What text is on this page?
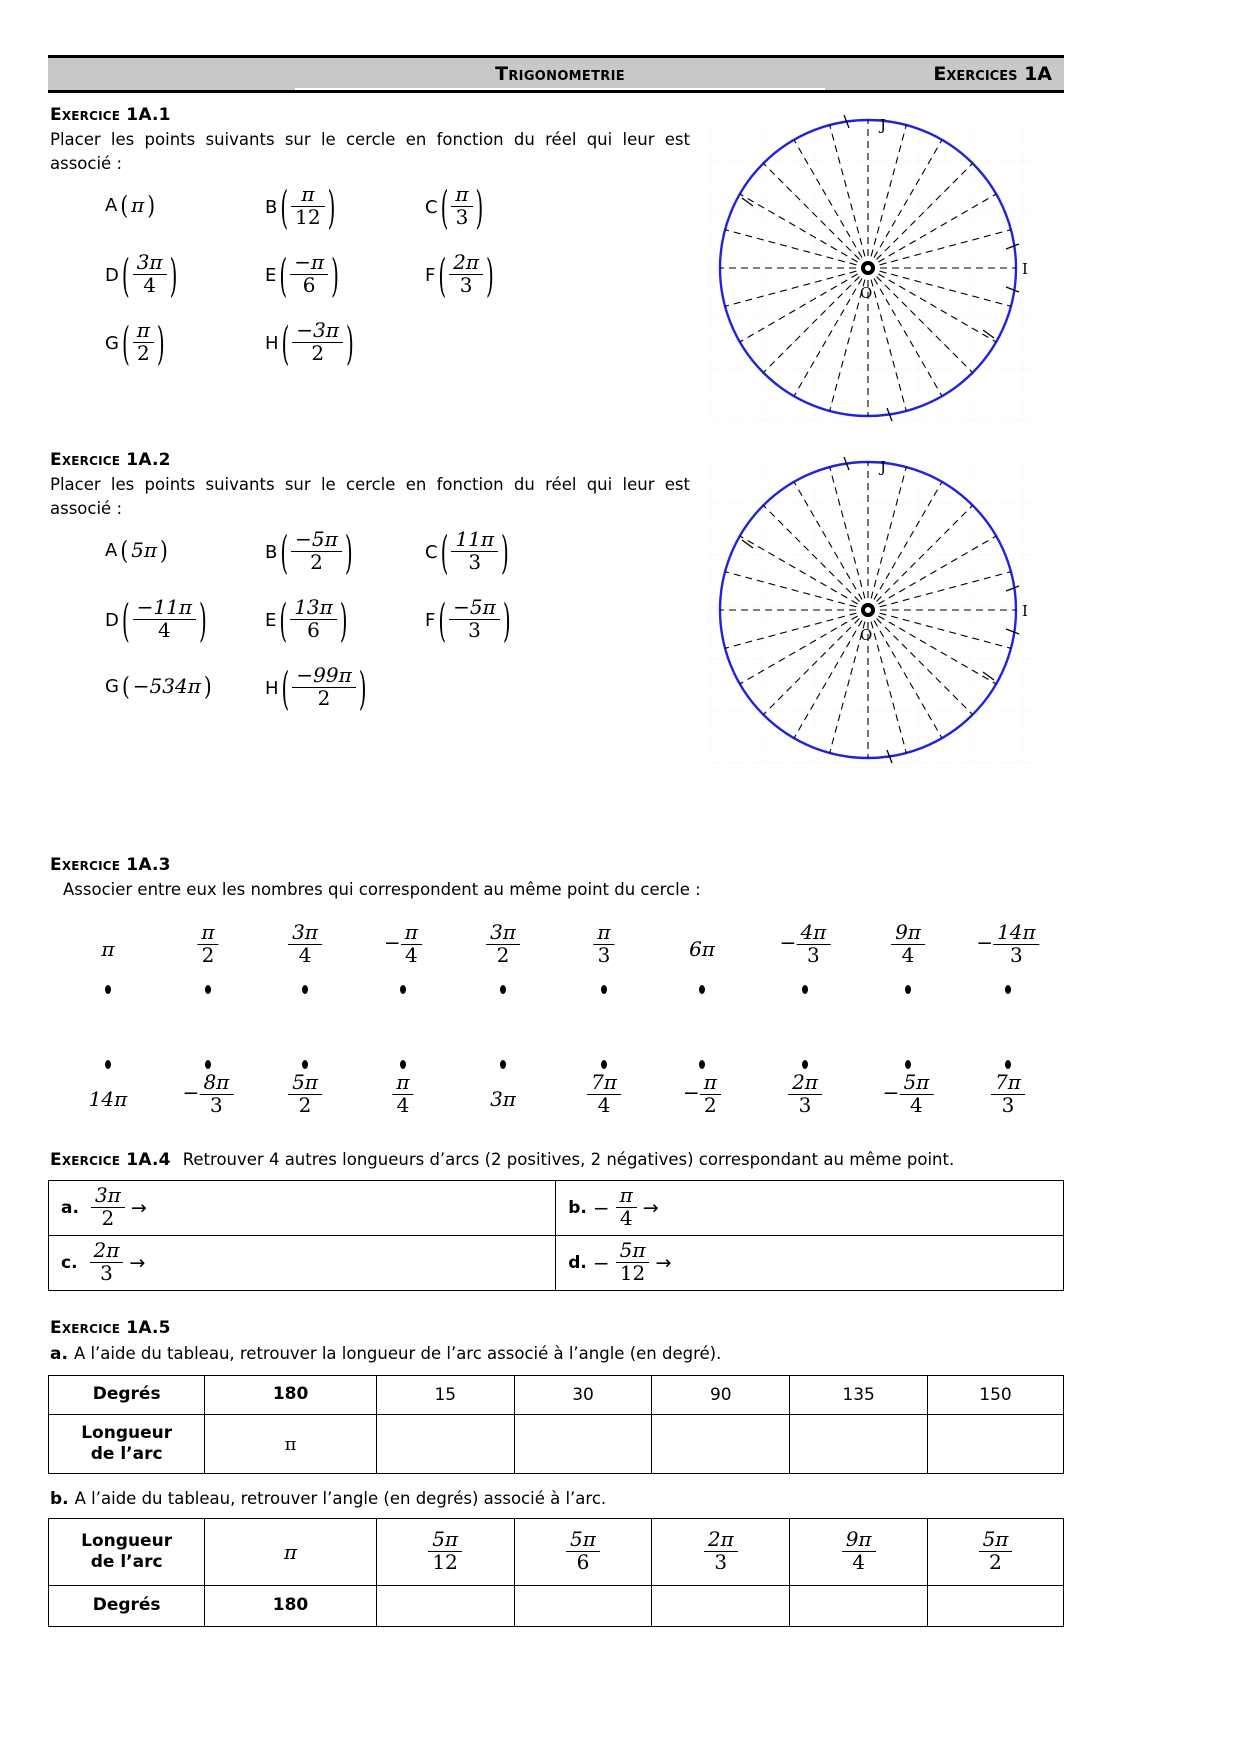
Trigonometrie	Exercices 1A
Exercice 1A.1
Placer les points suivants sur le cercle en fonction du réel qui leur est associé :
A ( π )	B ( $\frac{\pi}{12}$ )	C ( $\frac{\pi}{3}$ )
D ( $\frac{3\pi}{4}$ )	E ( $\frac{-\pi}{6}$ )	F ( $\frac{2\pi}{3}$ )
G ( $\frac{\pi}{2}$ )	H ( $\frac{-3\pi}{2}$ )
J
I
O
Exercice 1A.2
Placer les points suivants sur le cercle en fonction du réel qui leur est associé :
A ( 5π )	B ( $\frac{-5\pi}{2}$ )	C ( $\frac{11\pi}{3}$ )
D ( $\frac{-11\pi}{4}$ )	E ( $\frac{13\pi}{6}$ )	F ( $\frac{-5\pi}{3}$ )
G ( −534π )	H ( $\frac{-99\pi}{2}$ )
J
I
O
Exercice 1A.3
Associer entre eux les nombres qui correspondent au même point du cercle :
π	$\frac{\pi}{2}$	$\frac{3\pi}{4}$	− $\frac{\pi}{4}$	$\frac{3\pi}{2}$	$\frac{\pi}{3}$	6π	− $\frac{4\pi}{3}$	$\frac{9\pi}{4}$	− $\frac{14\pi}{3}$
14π	− $\frac{8\pi}{3}$	$\frac{5\pi}{2}$	$\frac{\pi}{4}$	3π	$\frac{7\pi}{4}$	− $\frac{\pi}{2}$	$\frac{2\pi}{3}$	− $\frac{5\pi}{4}$	$\frac{7\pi}{3}$
Exercice 1A.4 Retrouver 4 autres longueurs d’arcs (2 positives, 2 négatives) correspondant au même point.
a. $\frac{3\pi}{2}$ →	b. − $\frac{\pi}{4}$ →

c. $\frac{2\pi}{3}$ →	d. − $\frac{5\pi}{12}$ →
Exercice 1A.5
a. A l’aide du tableau, retrouver la longueur de l’arc associé à l’angle (en degré).
Degrés	180	15	30	90	135	150

Longueur
de l’arc	π					
b. A l’aide du tableau, retrouver l’angle (en degrés) associé à l’arc.
Longueur
de l’arc	π	$\frac{5\pi}{12}$	$\frac{5\pi}{6}$	$\frac{2\pi}{3}$	$\frac{9\pi}{4}$	$\frac{5\pi}{2}$

Degrés	180					
